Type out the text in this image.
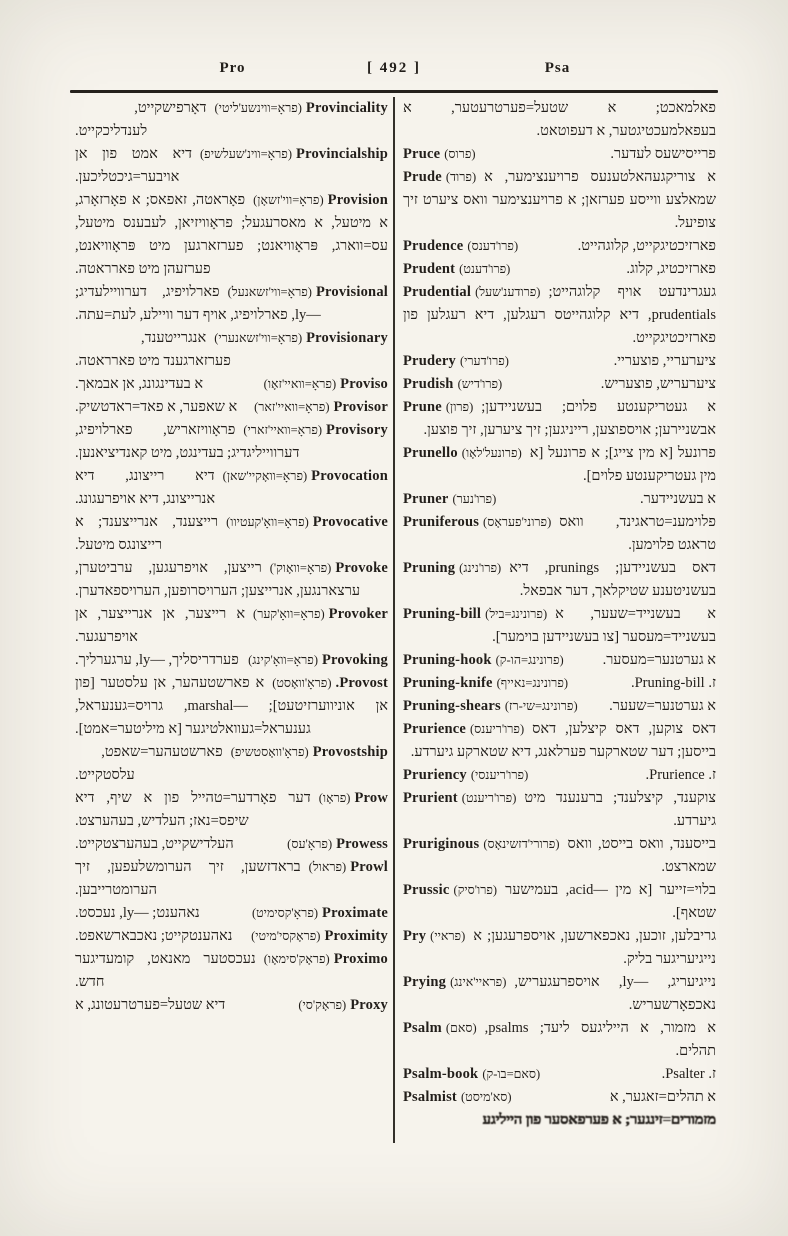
Pro	[ 492 ]	Psa

Provinciality(פראָ=ווינשע'ליטי)
דאָרפישקייט, לענדליכקייט.

Provincialship(פראָ=ווינ'שעלשיפ)
דיא אמט פון אן אויבער=גיכטליכען.

Provision(פראָ=ווי'זשאָן)
פאָראטה, זאפאס; א פאָרזאָרג, א מיטעל, א מאסרעגעל; פראָוויזיאן, לעבענס מיטעל, עס=ווארג, פּראָוויאנט; פערזארגען מיט פּראָוויאנט, פערזעהן מיט פארראטה.

Provisional(פראָ=ווי'זשאנעל)
פארלויפיג, דערוויילעדיג; —ly, פארלויפיג, אויף דער וויילע, לעת=עתה.

Provisionary(פראָ=ווי'זשאנערי)
אנגרייטענד, פערזארגענד מיט פארראטה.

Proviso(פראָ=וואיי'זאָו)
א בעדינגונג, אן אבמאך.

Provisor(פראָ=וואיי'זאר)
א שאפער, א פאד=ראדטשיק.

Provisory(פראָ=וואיי'זארי)
פראָוויזאריש, פארלויפיג, דערווייליגדיג; בעדינגט, מיט קאנדיציאנען.

Provocation(פראָ=וואָקיי'שאן)
דיא רייצונג, דיא אנרייצונג, דיא אויפרעגונג.

Provocative(פראָ=וואָ'קעטיוו)
רייצענד, אנרייצענד; א רייצונגס מיטעל.

Provoke(פראָ=וואָוק')
רייצען, אויפרעגען, ערביטערן, ערצארנגען, אנרייצען; הערויסרופען, הערויספאדערן.

Provoker(פראָ=וואָ'קער)
א רייצער, אן אנרייצער, אן אויפרעגער.

Provoking(פראָ=וואָ'קינג)
פערדריסליך, —ly, ערגערליך.

Provost.(פראָ'וואָסט)
א פארשטעהער, אן עלסטער [פון אן אוניווערזיטעט]; —marshal, גרויס=גענעראל, גענעראל=געוואלטיגער [א מיליטער=אמט].

Provostship(פראָ'וואָסטשיפ)
פארשטעהער=שאפט, עלסטקייט.

Prow(פראָו)
דער פאָרדער=טהייל פון א שיף, דיא שיפס=נאז; העלדיש, בעהערצט.

Prowess(פראָ'עס)
העלדישקייט, בעהערצטקייט.

Prowl(פראול)
בראדזשען, זיך הערומשלעפען, זיך הערומטרייבען.

Proximate(פראָ'קסימיט)
נאהענט; —ly, נעכסט.

Proximity(פראָקסי'מיטי)
נאהענטקייט; נאכבארשאפט.

Proximo(פראָק'סימאָו)
נעכסטער מאנאט, קומעדיגער חדש.

Proxy(פראָק'סי)
דיא שטעל=פערטרעטונג, א

פאלמאכט; א שטעל=פערטרעטער, א בעפאלמעכטיגטער, א דעפוטאט.

Pruce (פרוס)	פרייסישעס לעדער.

Prude (פרוד) א צוריקגעהאלטענעס פרויענצימער, א שמאלצע ווייסע פערזאן; א פרויענצימער וואס ציערט זיך צופיעל.

Prudence (פרו'דענס)	פארזיכטיגקייט, קלוגהייט.

Prudent (פרו'דענט)	פארזיכטיג, קלוג.

Prudential (פרודענ'שעל) געגרינדעט אויף קלוגהייט; prudentials, דיא קלוגהייטס רעגלען, דיא רעגלען פון פארזיכטיגקייט.

Prudery (פרו'דערי)	ציערעריי, פוצעריי.

Prudish (פרו'דיש)	ציערעריש, פוצעריש.

Prune (פרון) א געטריקענטע פלוים; בעשניידען; אבשניירען; אויספוצען, רייניגען; זיך ציערען, זיך פוצען.

Prunello (פרונעל'לאָו) פרונעל [א מין צייג]; א פרונעל [א מין געטריקענטע פלוים].

Pruner (פרו'נער)	א בעשניידער.

Pruniferous (פרוני'פעראָס) פלוימענ=טראגינד, וואס טראגט פלוימען.

Pruning (פרו'נינג) דאס בעשניידען; prunings, דיא בעשניטענע שטיקלאך, דער אבפאל.

Pruning-bill (פרונינג=ביל) א בעשנייד=שעער, א בעשנייד=מעסער [צו בעשניידען בוימער].

Pruning-hook (פרונינג=הו-ק)	א גערטנער=מעסער.

Pruning-knife (פרונינג=נאייף)	ז. Pruning-bill.

Pruning-shears (פרונינג=שי-רז) א גערטנער=שעער.

Prurience (פרו'ריענס) דאס צוקען, דאס קיצלען, דאס בייסען; דער שטארקער פערלאנג, דיא שטארקע גיערדע.

Pruriency (פרו'ריענסי)	ז. Prurience.

Prurient (פרו'ריענט) צוקענד, קיצלענד; ברענענד מיט גיערדע.

Pruriginous (פרורי'דזשינאָס) בייסענד, וואס בייסט, וואס שמארצט.

Prussic (פרו'סיק) בלוי=זייער [א מין —acid, בעמישער שטאף].

Pry (פראיי) גריבלען, זוכען, נאכפארשען, אויספרעגען; א נייגיעריגער בליק.

Prying (פראיי'אינג) נייגיעריג, —ly, אויספרעגעריש, נאכפאָרשעריש.

Psalm (סאם) א מזמור, א הייליגעס ליעד; psalms, תהלים.

Psalm-book (סאם=בו-ק)	ז. Psalter.

Psalmist (סא'מיסט)	א תהלים=זאגער, א

מזמורים=זינגער; א פערפאסער פון הייליגע
